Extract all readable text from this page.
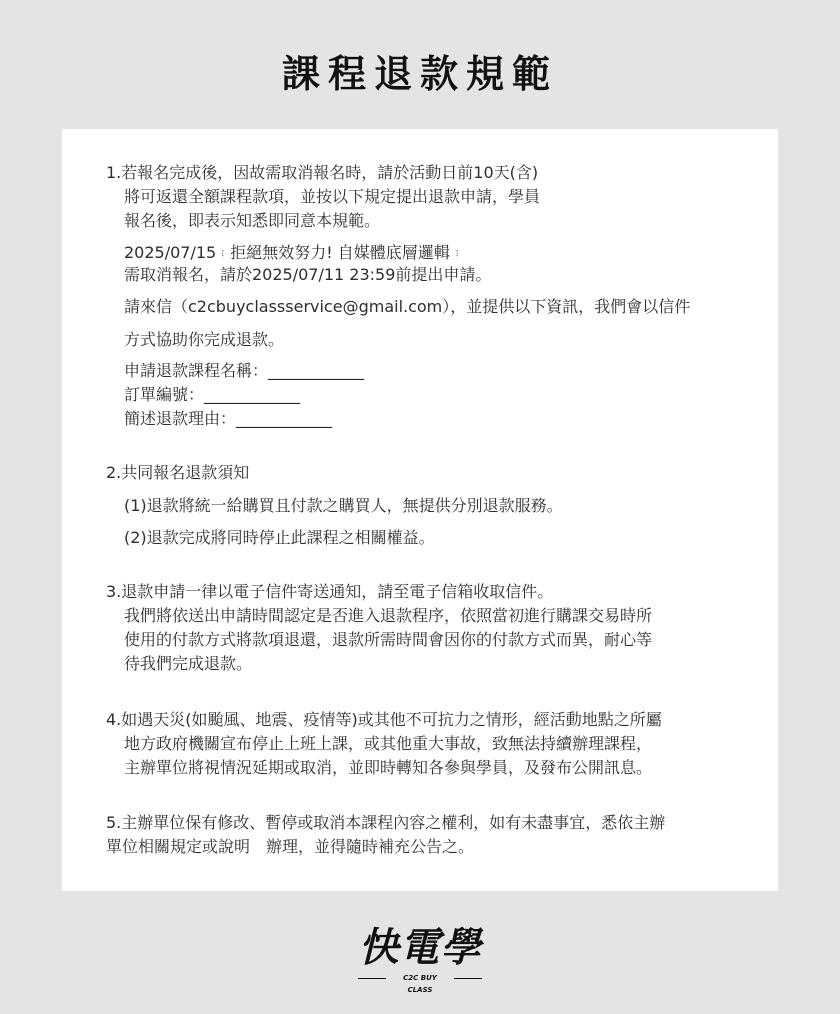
課程退款規範
1.若報名完成後，因故需取消報名時，請於活動日前10天(含)
將可返還全額課程款項，並按以下規定提出退款申請，學員
報名後，即表示知悉即同意本規範。
2025/07/15 ﹝ 拒絕無效努力! 自媒體底層邏輯 ﹞
需取消報名，請於2025/07/11 23:59前提出申請。
請來信（c2cbuyclassservice@gmail.com），並提供以下資訊，我們會以信件
方式協助你完成退款。
申請退款課程名稱：____________
訂單編號：____________
簡述退款理由：____________
2.共同報名退款須知
(1)退款將統一給購買且付款之購買人，無提供分別退款服務。
(2)退款完成將同時停止此課程之相關權益。
3.退款申請一律以電子信件寄送通知，請至電子信箱收取信件。
我們將依送出申請時間認定是否進入退款程序，依照當初進行購課交易時所
使用的付款方式將款項退還，退款所需時間會因你的付款方式而異，耐心等
待我們完成退款。
4.如遇天災(如颱風、地震、疫情等)或其他不可抗力之情形，經活動地點之所屬
地方政府機關宣布停止上班上課，或其他重大事故，致無法持續辦理課程，
主辦單位將視情況延期或取消，並即時轉知各參與學員，及發布公開訊息。
5.主辦單位保有修改、暫停或取消本課程內容之權利，如有未盡事宜，悉依主辦
單位相關規定或說明　辦理，並得隨時補充公告之。
快電學
C2C BUY CLASS
